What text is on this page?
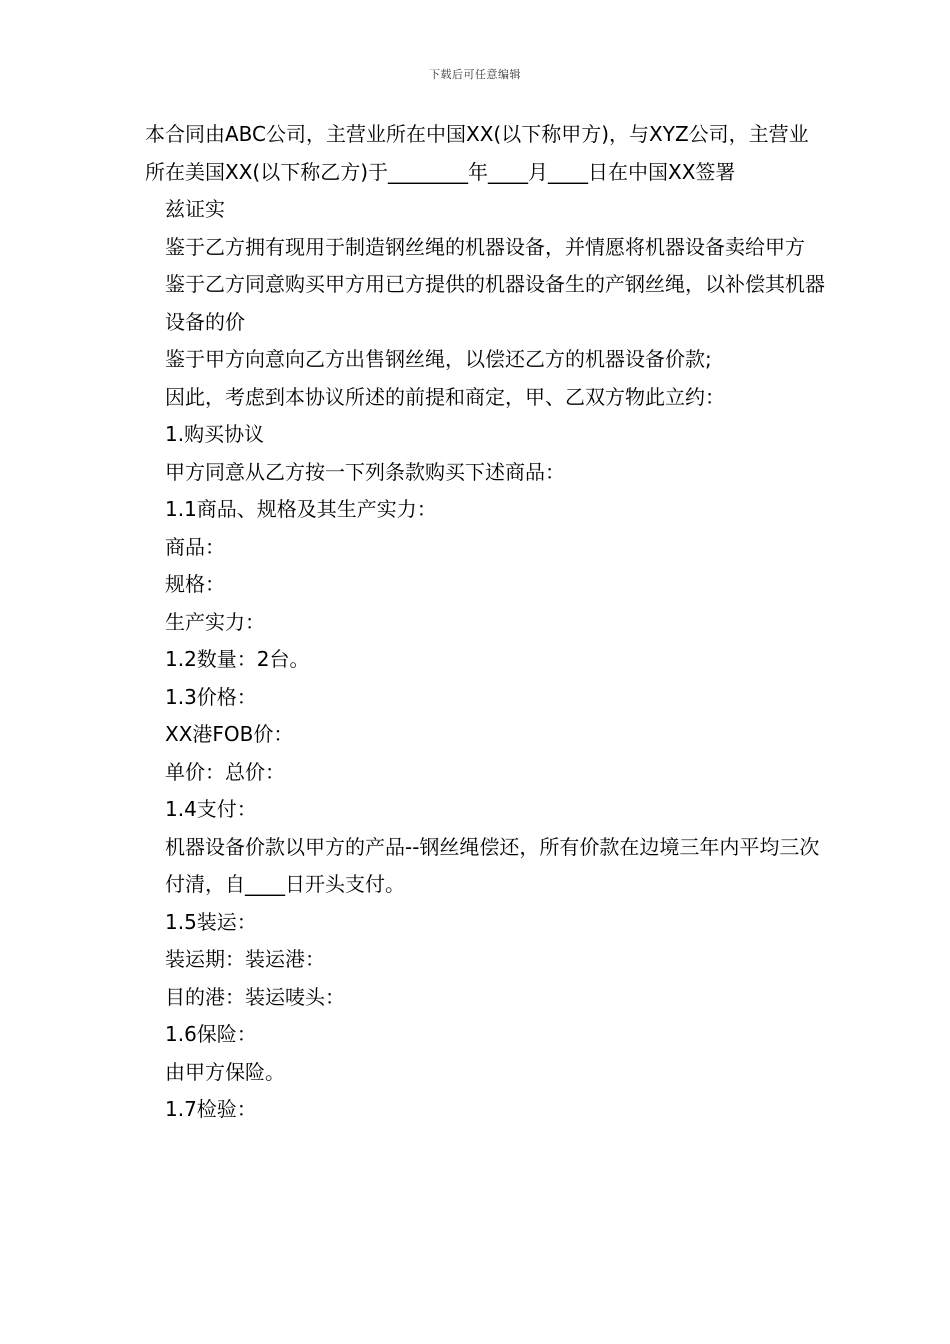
下载后可任意编辑

本合同由ABC公司，主营业所在中国XX(以下称甲方)，与XYZ公司，主营业所在美国XX(以下称乙方)于________年____月____日在中国XX签署

兹证实

鉴于乙方拥有现用于制造钢丝绳的机器设备，并情愿将机器设备卖给甲方

鉴于乙方同意购买甲方用已方提供的机器设备生的产钢丝绳，以补偿其机器设备的价

鉴于甲方向意向乙方出售钢丝绳，以偿还乙方的机器设备价款;

因此，考虑到本协议所述的前提和商定，甲、乙双方物此立约：

1.购买协议

甲方同意从乙方按一下列条款购买下述商品：

1.1商品、规格及其生产实力：

商品：

规格：

生产实力：

1.2数量：2台。

1.3价格：

XX港FOB价：

单价：总价：

1.4支付：

机器设备价款以甲方的产品--钢丝绳偿还，所有价款在边境三年内平均三次付清，自____日开头支付。

1.5装运：

装运期：装运港：

目的港：装运唛头：

1.6保险：

由甲方保险。

1.7检验：
